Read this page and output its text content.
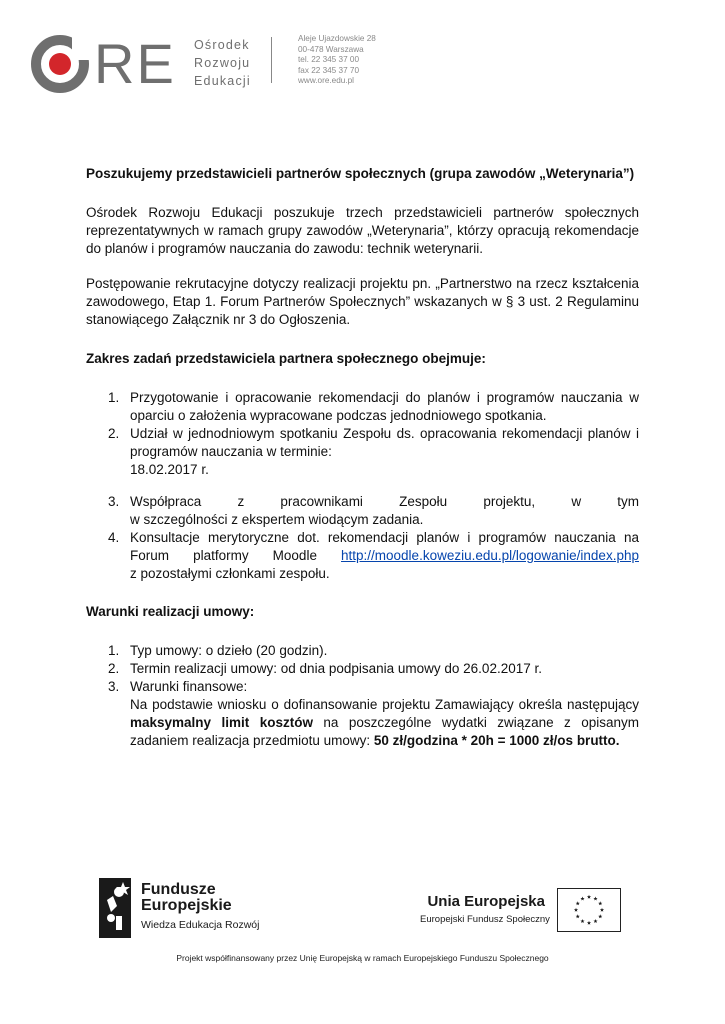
RE Ośrodek
Rozwoju
Edukacji
Aleje Ujazdowskie 28
00-478 Warszawa
tel. 22 345 37 00
fax 22 345 37 70
www.ore.edu.pl

Poszukujemy przedstawicieli partnerów społecznych (grupa zawodów „Weterynaria”)

Ośrodek Rozwoju Edukacji poszukuje trzech przedstawicieli partnerów społecznych reprezentatywnych w ramach grupy zawodów „Weterynaria”, którzy opracują rekomendacje do planów i programów nauczania do zawodu: technik weterynarii.

Postępowanie rekrutacyjne dotyczy realizacji projektu pn. „Partnerstwo na rzecz kształcenia zawodowego, Etap 1. Forum Partnerów Społecznych” wskazanych w § 3 ust. 2 Regulaminu stanowiącego Załącznik nr 3 do Ogłoszenia.

Zakres zadań przedstawiciela partnera społecznego obejmuje:

1. Przygotowanie i opracowanie rekomendacji do planów i programów nauczania w oparciu o założenia wypracowane podczas jednodniowego spotkania.
2. Udział w jednodniowym spotkaniu Zespołu ds. opracowania rekomendacji planów i programów nauczania w terminie:
18.02.2017 r.
3. Współpraca	z	pracownikami	Zespołu	projektu,	w	tym
w szczególności z ekspertem wiodącym zadania.
4. Konsultacje merytoryczne dot. rekomendacji planów i programów nauczania na
Forum platformy Moodle http://moodle.koweziu.edu.pl/logowanie/index.php
z pozostałymi członkami zespołu.

Warunki realizacji umowy:

1. Typ umowy: o dzieło (20 godzin).
2. Termin realizacji umowy: od dnia podpisania umowy do 26.02.2017 r.
3. Warunki finansowe:
Na podstawie wniosku o dofinansowanie projektu Zamawiający określa następujący maksymalny limit kosztów na poszczególne wydatki związane z opisanym zadaniem realizacja przedmiotu umowy: 50 zł/godzina * 20h = 1000 zł/os brutto.
Fundusze
Europejskie
Wiedza Edukacja Rozwój
Unia Europejska
Europejski Fundusz Społeczny
Projekt współfinansowany przez Unię Europejską w ramach Europejskiego Funduszu Społecznego
